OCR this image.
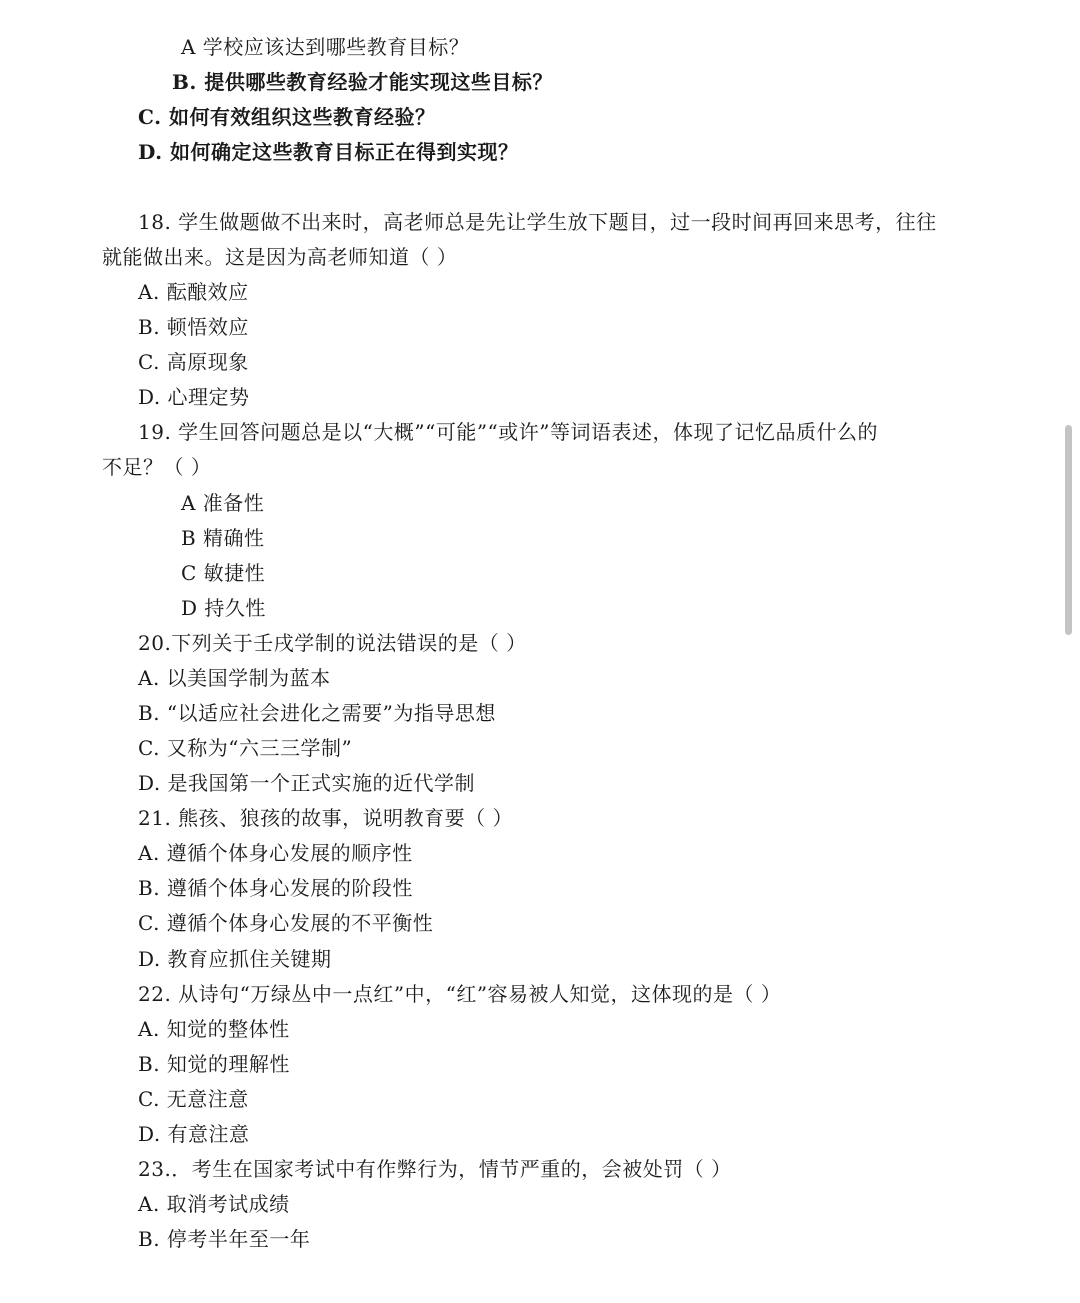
A 学校应该达到哪些教育目标？
B. 提供哪些教育经验才能实现这些目标？
C. 如何有效组织这些教育经验？
D. 如何确定这些教育目标正在得到实现？
18. 学生做题做不出来时，高老师总是先让学生放下题目，过一段时间再回来思考，往往
就能做出来。这是因为高老师知道（ ）
A. 酝酿效应
B. 顿悟效应
C. 高原现象
D. 心理定势
19. 学生回答问题总是以“大概”“可能”“或许”等词语表述，体现了记忆品质什么的
不足？（ ）
A 准备性
B 精确性
C 敏捷性
D 持久性
20.下列关于壬戌学制的说法错误的是（ ）
A. 以美国学制为蓝本
B. “以适应社会进化之需要”为指导思想
C. 又称为“六三三学制”
D. 是我国第一个正式实施的近代学制
21. 熊孩、狼孩的故事，说明教育要（ ）
A. 遵循个体身心发展的顺序性
B. 遵循个体身心发展的阶段性
C. 遵循个体身心发展的不平衡性
D. 教育应抓住关键期
22. 从诗句“万绿丛中一点红”中，“红”容易被人知觉，这体现的是（ ）
A. 知觉的整体性
B. 知觉的理解性
C. 无意注意
D. 有意注意
23.．考生在国家考试中有作弊行为，情节严重的，会被处罚（ ）
A. 取消考试成绩
B. 停考半年至一年
